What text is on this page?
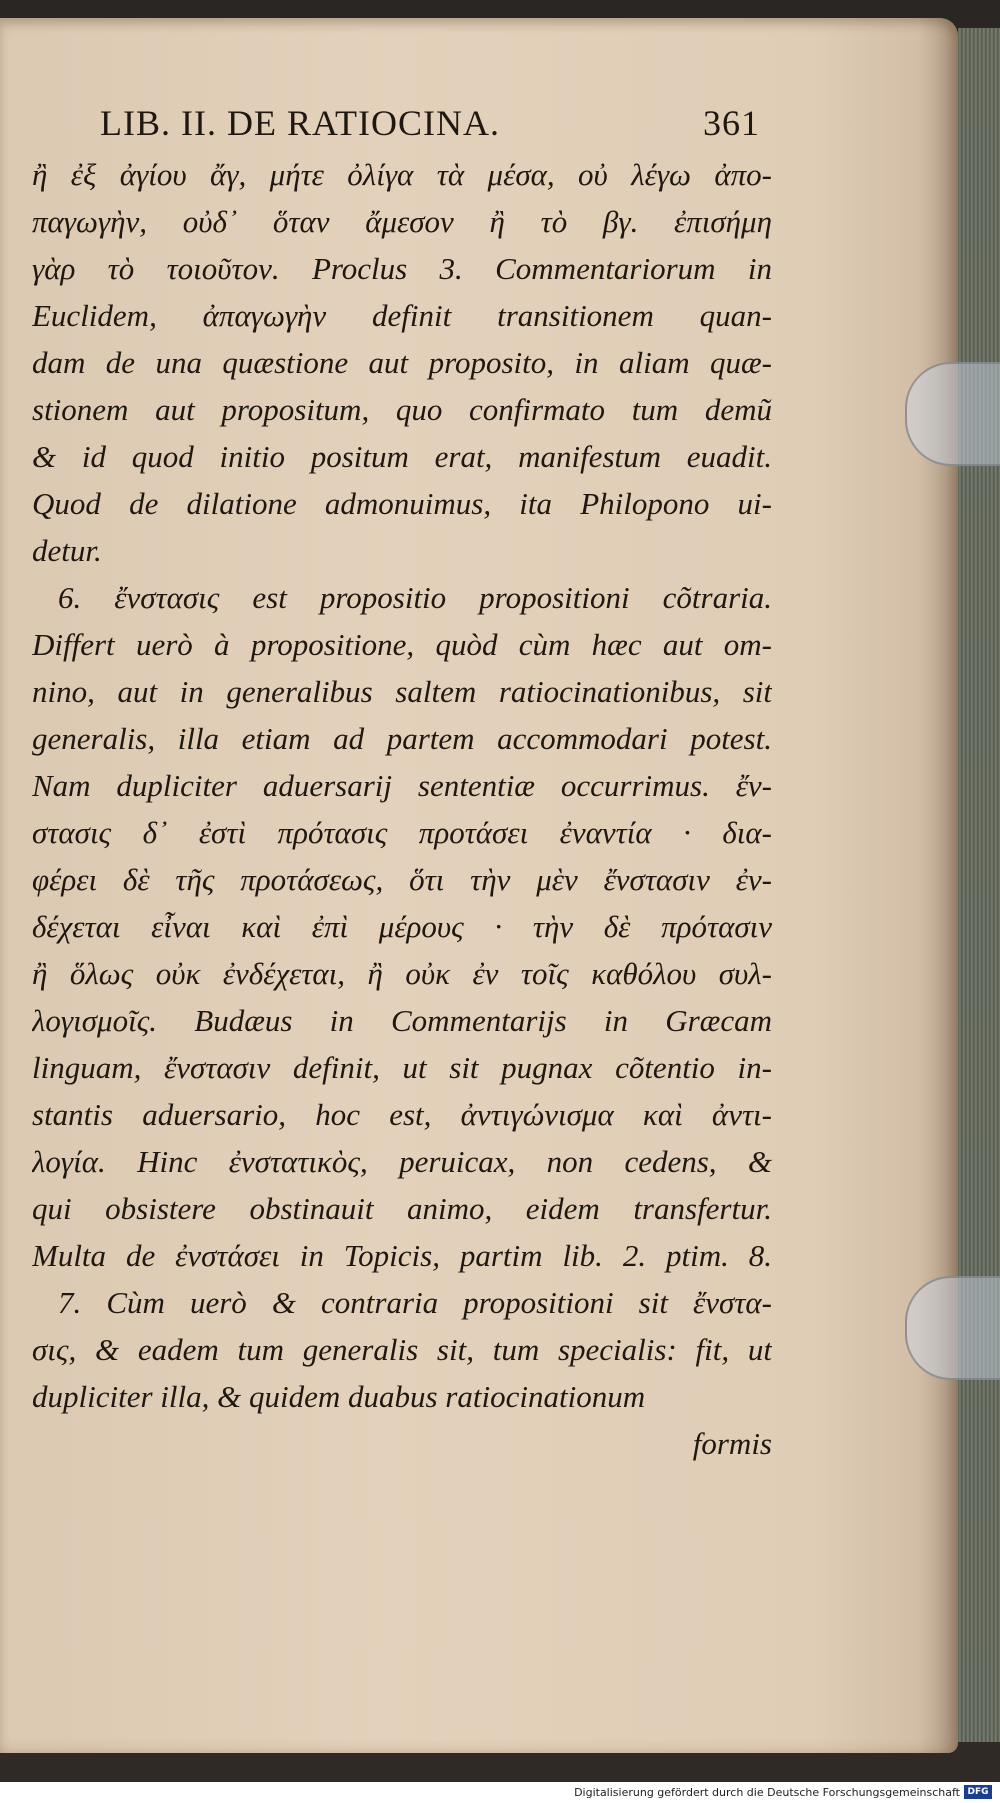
LIB. II. DE RATIOCINA.	361
ἢ ἐξ ἀγίου ἄγ, μήτε ὀλίγα τὰ μέσα, οὐ λέγω ἀπο-
παγωγὴν, οὐδ᾽ ὅταν ἄμεσον ἢ τὸ βγ. ἐπισήμη
γὰρ τὸ τοιοῦτον. Proclus 3. Commentariorum in
Euclidem, ἀπαγωγὴν definit transitionem quan-
dam de una quæstione aut proposito, in aliam quæ-
stionem aut propositum, quo confirmato tum demũ
& id quod initio positum erat, manifestum euadit.
Quod de dilatione admonuimus, ita Philopono ui-
detur.
6. ἔνστασις est propositio propositioni cõtraria.
Differt uerò à propositione, quòd cùm hæc aut om-
nino, aut in generalibus saltem ratiocinationibus, sit
generalis, illa etiam ad partem accommodari potest.
Nam dupliciter aduersarij sententiæ occurrimus. ἔν-
στασις δ᾽ ἐστὶ πρότασις προτάσει ἐναντία · δια-
φέρει δὲ τῆς προτάσεως, ὅτι τὴν μὲν ἔνστασιν ἐν-
δέχεται εἶναι καὶ ἐπὶ μέρους · τὴν δὲ πρότασιν
ἢ ὅλως οὐκ ἐνδέχεται, ἢ οὐκ ἐν τοῖς καθόλου συλ-
λογισμοῖς. Budæus in Commentarijs in Græcam
linguam, ἔνστασιν definit, ut sit pugnax cõtentio in-
stantis aduersario, hoc est, ἀντιγώνισμα καὶ ἀντι-
λογία. Hinc ἐνστατικὸς, peruicax, non cedens, &
qui obsistere obstinauit animo, eidem transfertur.
Multa de ἐνστάσει in Topicis, partim lib. 2. ptim. 8.
7. Cùm uerò & contraria propositioni sit ἔνστα-
σις, & eadem tum generalis sit, tum specialis: fit, ut
dupliciter illa, & quidem duabus ratiocinationum
formis
Digitalisierung gefördert durch die Deutsche Forschungsgemeinschaft DFG
